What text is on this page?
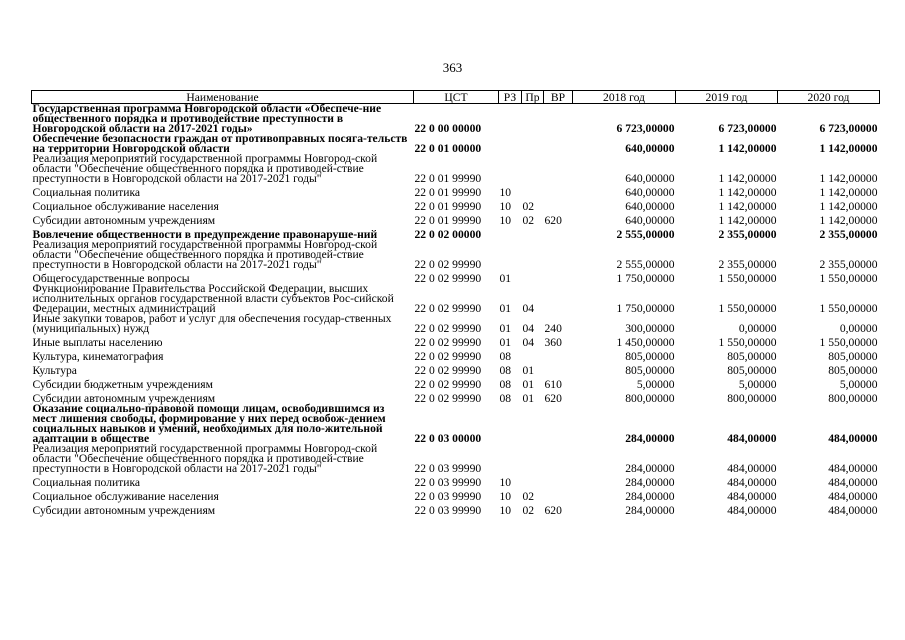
363
Наименование	ЦСТ	РЗ	Пр	ВР	2018 год	2019 год	2020 год
Государственная программа Новгородской области «Обеспече-ние общественного порядка и противодействие преступности в Новгородской области на 2017-2021 годы»	22 0 00 00000				6 723,00000	6 723,00000	6 723,00000
Обеспечение безопасности граждан от противоправных посяга-тельств на территории Новгородской области	22 0 01 00000				640,00000	1 142,00000	1 142,00000
Реализация мероприятий государственной программы Новгород-ской области "Обеспечение общественного порядка и противодей-ствие преступности в Новгородской области на 2017-2021 годы"	22 0 01 99990				640,00000	1 142,00000	1 142,00000
Социальная политика	22 0 01 99990	10			640,00000	1 142,00000	1 142,00000
Социальное обслуживание населения	22 0 01 99990	10	02		640,00000	1 142,00000	1 142,00000
Субсидии автономным учреждениям	22 0 01 99990	10	02	620	640,00000	1 142,00000	1 142,00000
Вовлечение общественности в предупреждение правонаруше-ний	22 0 02 00000				2 555,00000	2 355,00000	2 355,00000
Реализация мероприятий государственной программы Новгород-ской области "Обеспечение общественного порядка и противодей-ствие преступности в Новгородской области на 2017-2021 годы"	22 0 02 99990				2 555,00000	2 355,00000	2 355,00000
Общегосударственные вопросы	22 0 02 99990	01			1 750,00000	1 550,00000	1 550,00000
Функционирование Правительства Российской Федерации, высших исполнительных органов государственной власти субъектов Рос-сийской Федерации, местных администраций	22 0 02 99990	01	04		1 750,00000	1 550,00000	1 550,00000
Иные закупки товаров, работ и услуг для обеспечения государ-ственных (муниципальных) нужд	22 0 02 99990	01	04	240	300,00000	0,00000	0,00000
Иные выплаты населению	22 0 02 99990	01	04	360	1 450,00000	1 550,00000	1 550,00000
Культура, кинематография	22 0 02 99990	08			805,00000	805,00000	805,00000
Культура	22 0 02 99990	08	01		805,00000	805,00000	805,00000
Субсидии бюджетным учреждениям	22 0 02 99990	08	01	610	5,00000	5,00000	5,00000
Субсидии автономным учреждениям	22 0 02 99990	08	01	620	800,00000	800,00000	800,00000
Оказание социально-правовой помощи лицам, освободившимся из мест лишения свободы, формирование у них перед освобож-дением социальных навыков и умений, необходимых для поло-жительной адаптации в обществе	22 0 03 00000				284,00000	484,00000	484,00000
Реализация мероприятий государственной программы Новгород-ской области "Обеспечение общественного порядка и противодей-ствие преступности в Новгородской области на 2017-2021 годы"	22 0 03 99990				284,00000	484,00000	484,00000
Социальная политика	22 0 03 99990	10			284,00000	484,00000	484,00000
Социальное обслуживание населения	22 0 03 99990	10	02		284,00000	484,00000	484,00000
Субсидии автономным учреждениям	22 0 03 99990	10	02	620	284,00000	484,00000	484,00000
